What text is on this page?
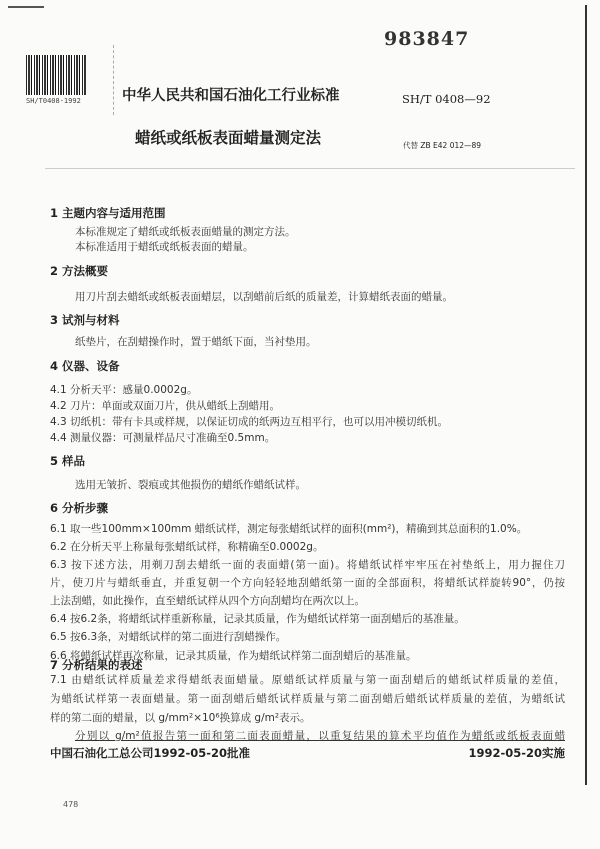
983847
SH/T0408-1992	中华人民共和国石油化工行业标准
蜡纸或纸板表面蜡量测定法
SH/T 0408—92
代替 ZB E42 012—89
1 主题内容与适用范围
本标准规定了蜡纸或纸板表面蜡量的测定方法。
本标准适用于蜡纸或纸板表面的蜡量。
2 方法概要
用刀片刮去蜡纸或纸板表面蜡层，以刮蜡前后纸的质量差，计算蜡纸表面的蜡量。
3 试剂与材料
纸垫片，在刮蜡操作时，置于蜡纸下面，当衬垫用。
4 仪器、设备
4.1 分析天平：感量0.0002g。
4.2 刀片：单面或双面刀片，供从蜡纸上刮蜡用。
4.3 切纸机：带有卡具或样规，以保证切成的纸两边互相平行，也可以用冲模切纸机。
4.4 测量仪器：可测量样品尺寸准确至0.5mm。
5 样品
选用无皱折、裂痕或其他损伤的蜡纸作蜡纸试样。
6 分析步骤
6.1 取一些100mm×100mm 蜡纸试样，测定每张蜡纸试样的面积(mm²)，精确到其总面积的1.0%。
6.2 在分析天平上称量每张蜡纸试样，称精确至0.0002g。
6.3 按下述方法，用剃刀刮去蜡纸一面的表面蜡(第一面)。将蜡纸试样牢牢压在衬垫纸上，用力握住刀
片，使刀片与蜡纸垂直，并重复朝一个方向轻轻地刮蜡纸第一面的全部面积，将蜡纸试样旋转90°，仍按
上法刮蜡，如此操作，直至蜡纸试样从四个方向刮蜡均在两次以上。
6.4 按6.2条，将蜡纸试样重新称量，记录其质量，作为蜡纸试样第一面刮蜡后的基准量。
6.5 按6.3条，对蜡纸试样的第二面进行刮蜡操作。
6.6 将蜡纸试样再次称量，记录其质量，作为蜡纸试样第二面刮蜡后的基准量。
7 分析结果的表述
7.1 由蜡纸试样质量差求得蜡纸表面蜡量。原蜡纸试样质量与第一面刮蜡后的蜡纸试样质量的差值，
为蜡纸试样第一表面蜡量。第一面刮蜡后蜡纸试样质量与第二面刮蜡后蜡纸试样质量的差值，为蜡纸试
样的第二面的蜡量，以 g/mm²×10⁶换算成 g/m²表示。
分别以 g/m²值报告第一面和第二面表面蜡量，以重复结果的算术平均值作为蜡纸或纸板表面蜡
中国石油化工总公司1992-05-20批准	1992-05-20实施
478
